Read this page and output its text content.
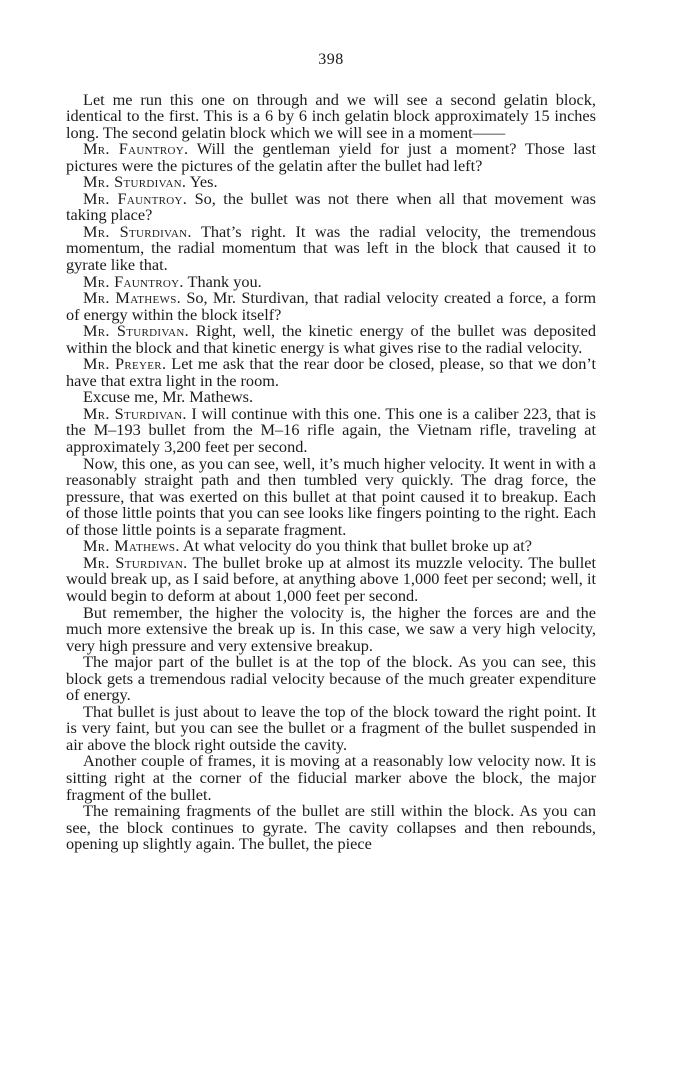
398

Let me run this one on through and we will see a second gelatin block, identical to the first. This is a 6 by 6 inch gelatin block approximately 15 inches long. The second gelatin block which we will see in a moment——

Mr. Fauntroy. Will the gentleman yield for just a moment? Those last pictures were the pictures of the gelatin after the bullet had left?

Mr. Sturdivan. Yes.

Mr. Fauntroy. So, the bullet was not there when all that movement was taking place?

Mr. Sturdivan. That’s right. It was the radial velocity, the tremendous momentum, the radial momentum that was left in the block that caused it to gyrate like that.

Mr. Fauntroy. Thank you.

Mr. Mathews. So, Mr. Sturdivan, that radial velocity created a force, a form of energy within the block itself?

Mr. Sturdivan. Right, well, the kinetic energy of the bullet was deposited within the block and that kinetic energy is what gives rise to the radial velocity.

Mr. Preyer. Let me ask that the rear door be closed, please, so that we don’t have that extra light in the room.

Excuse me, Mr. Mathews.

Mr. Sturdivan. I will continue with this one. This one is a caliber 223, that is the M–193 bullet from the M–16 rifle again, the Vietnam rifle, traveling at approximately 3,200 feet per second.

Now, this one, as you can see, well, it’s much higher velocity. It went in with a reasonably straight path and then tumbled very quickly. The drag force, the pressure, that was exerted on this bullet at that point caused it to breakup. Each of those little points that you can see looks like fingers pointing to the right. Each of those little points is a separate fragment.

Mr. Mathews. At what velocity do you think that bullet broke up at?

Mr. Sturdivan. The bullet broke up at almost its muzzle velocity. The bullet would break up, as I said before, at anything above 1,000 feet per second; well, it would begin to deform at about 1,000 feet per second.

But remember, the higher the volocity is, the higher the forces are and the much more extensive the break up is. In this case, we saw a very high velocity, very high pressure and very extensive breakup.

The major part of the bullet is at the top of the block. As you can see, this block gets a tremendous radial velocity because of the much greater expenditure of energy.

That bullet is just about to leave the top of the block toward the right point. It is very faint, but you can see the bullet or a fragment of the bullet suspended in air above the block right outside the cavity.

Another couple of frames, it is moving at a reasonably low velocity now. It is sitting right at the corner of the fiducial marker above the block, the major fragment of the bullet.

The remaining fragments of the bullet are still within the block. As you can see, the block continues to gyrate. The cavity collapses and then rebounds, opening up slightly again. The bullet, the piece
